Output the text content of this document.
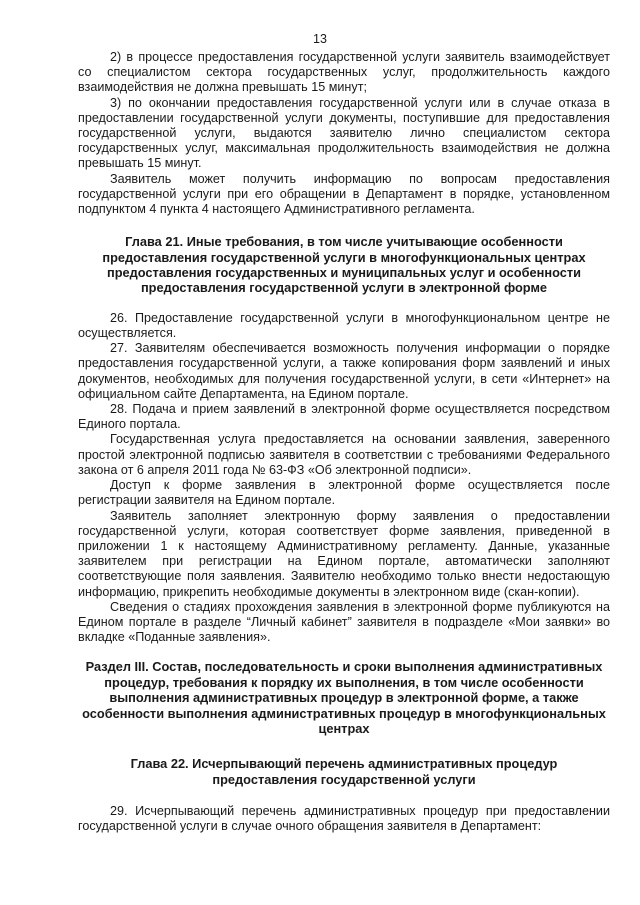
13

2) в процессе предоставления государственной услуги заявитель взаимодействует со специалистом сектора государственных услуг, продолжительность каждого взаимодействия не должна превышать 15 минут;

3) по окончании предоставления государственной услуги или в случае отказа в предоставлении государственной услуги документы, поступившие для предоставления государственной услуги, выдаются заявителю лично специалистом сектора государственных услуг, максимальная продолжительность взаимодействия не должна превышать 15 минут.

Заявитель может получить информацию по вопросам предоставления государственной услуги при его обращении в Департамент в порядке, установленном подпунктом 4 пункта 4 настоящего Административного регламента.

Глава 21. Иные требования, в том числе учитывающие особенности предоставления государственной услуги в многофункциональных центрах предоставления государственных и муниципальных услуг и особенности предоставления государственной услуги в электронной форме

26. Предоставление государственной услуги в многофункциональном центре не осуществляется.

27. Заявителям обеспечивается возможность получения информации о порядке предоставления государственной услуги, а также копирования форм заявлений и иных документов, необходимых для получения государственной услуги, в сети «Интернет» на официальном сайте Департамента, на Едином портале.

28. Подача и прием заявлений в электронной форме осуществляется посредством Единого портала.

Государственная услуга предоставляется на основании заявления, заверенного простой электронной подписью заявителя в соответствии с требованиями Федерального закона от 6 апреля 2011 года № 63-ФЗ «Об электронной подписи».

Доступ к форме заявления в электронной форме осуществляется после регистрации заявителя на Едином портале.

Заявитель заполняет электронную форму заявления о предоставлении государственной услуги, которая соответствует форме заявления, приведенной в приложении 1 к настоящему Административному регламенту. Данные, указанные заявителем при регистрации на Едином портале, автоматически заполняют соответствующие поля заявления. Заявителю необходимо только внести недостающую информацию, прикрепить необходимые документы в электронном виде (скан-копии).

Сведения о стадиях прохождения заявления в электронной форме публикуются на Едином портале в разделе “Личный кабинет” заявителя в подразделе «Мои заявки» во вкладке «Поданные заявления».

Раздел III. Состав, последовательность и сроки выполнения административных процедур, требования к порядку их выполнения, в том числе особенности выполнения административных процедур в электронной форме, а также особенности выполнения административных процедур в многофункциональных центрах

Глава 22. Исчерпывающий перечень административных процедур предоставления государственной услуги

29. Исчерпывающий перечень административных процедур при предоставлении государственной услуги в случае очного обращения заявителя в Департамент:
